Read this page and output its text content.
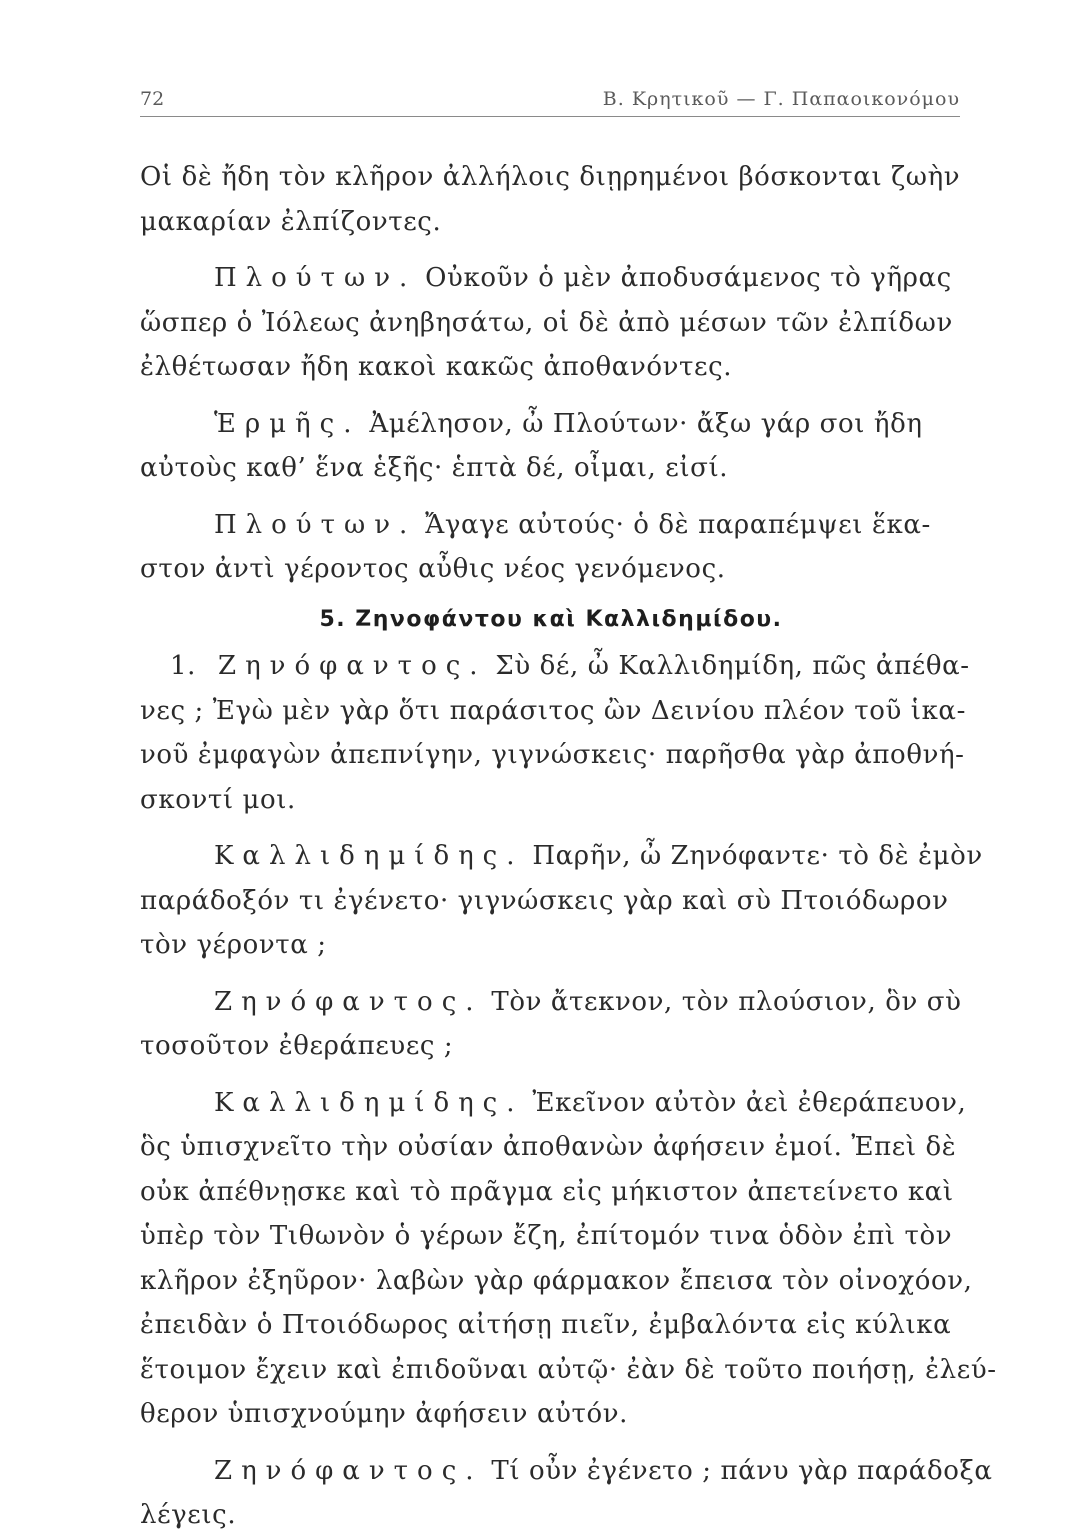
72	Β. Κρητικοῦ — Γ. Παπαοικονόμου
Οἱ δὲ ἤδη τὸν κλῆρον ἀλλήλοις διῃρημένοι βόσκονται ζωὴν
μακαρίαν ἐλπίζοντες.
Πλούτων. Οὐκοῦν ὁ μὲν ἀποδυσάμενος τὸ γῆρας
ὥσπερ ὁ Ἰόλεως ἀνηβησάτω, οἱ δὲ ἀπὸ μέσων τῶν ἐλπίδων
ἐλθέτωσαν ἤδη κακοὶ κακῶς ἀποθανόντες.
Ἑρμῆς. Ἀμέλησον, ὦ Πλούτων· ἄξω γάρ σοι ἤδη
αὐτοὺς καθ’ ἕνα ἑξῆς· ἑπτὰ δέ, οἶμαι, εἰσί.
Πλούτων. Ἄγαγε αὐτούς· ὁ δὲ παραπέμψει ἕκα-
στον ἀντὶ γέροντος αὖθις νέος γενόμενος.
5. Ζηνοφάντου καὶ Καλλιδημίδου.
1. Ζηνόφαντος. Σὺ δέ, ὦ Καλλιδημίδη, πῶς ἀπέθα-
νες ; Ἐγὼ μὲν γὰρ ὅτι παράσιτος ὢν Δεινίου πλέον τοῦ ἱκα-
νοῦ ἐμφαγὼν ἀπεπνίγην, γιγνώσκεις· παρῆσθα γὰρ ἀποθνή-
σκοντί μοι.
Καλλιδημίδης. Παρῆν, ὦ Ζηνόφαντε· τὸ δὲ ἐμὸν
παράδοξόν τι ἐγένετο· γιγνώσκεις γὰρ καὶ σὺ Πτοιόδωρον
τὸν γέροντα ;
Ζηνόφαντος. Τὸν ἄτεκνον, τὸν πλούσιον, ὃν σὺ
τοσοῦτον ἐθεράπευες ;
Καλλιδημίδης. Ἐκεῖνον αὐτὸν ἀεὶ ἐθεράπευον,
ὃς ὑπισχνεῖτο τὴν οὐσίαν ἀποθανὼν ἀφήσειν ἐμοί. Ἐπεὶ δὲ
οὐκ ἀπέθνῃσκε καὶ τὸ πρᾶγμα εἰς μήκιστον ἀπετείνετο καὶ
ὑπὲρ τὸν Τιθωνὸν ὁ γέρων ἔζη, ἐπίτομόν τινα ὁδὸν ἐπὶ τὸν
κλῆρον ἐξηῦρον· λαβὼν γὰρ φάρμακον ἔπεισα τὸν οἰνοχόον,
ἐπειδὰν ὁ Πτοιόδωρος αἰτήσῃ πιεῖν, ἐμβαλόντα εἰς κύλικα
ἕτοιμον ἔχειν καὶ ἐπιδοῦναι αὐτῷ· ἐὰν δὲ τοῦτο ποιήσῃ, ἐλεύ-
θερον ὑπισχνούμην ἀφήσειν αὐτόν.
Ζηνόφαντος. Τί οὖν ἐγένετο ; πάνυ γὰρ παράδοξα
λέγεις.
